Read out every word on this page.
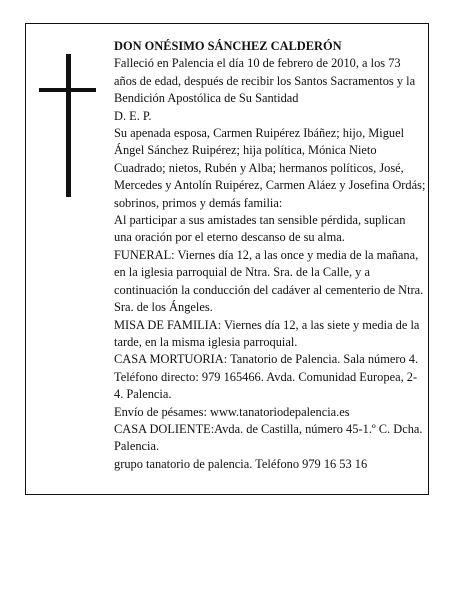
DON ONÉSIMO SÁNCHEZ CALDERÓN

Falleció en Palencia el día 10 de febrero de 2010, a los 73 años de edad, después de recibir los Santos Sacramentos y la Bendición Apostólica de Su Santidad

D. E. P.

Su apenada esposa, Carmen Ruipérez Ibáñez; hijo, Miguel Ángel Sánchez Ruipérez; hija política, Mónica Nieto Cuadrado; nietos, Rubén y Alba; hermanos políticos, José, Mercedes y Antolín Ruipérez, Carmen Aláez y Josefina Ordás; sobrinos, primos y demás familia:

Al participar a sus amistades tan sensible pérdida, suplican una oración por el eterno descanso de su alma.

FUNERAL: Viernes día 12, a las once y media de la mañana, en la iglesia parroquial de Ntra. Sra. de la Calle, y a continuación la conducción del cadáver al cementerio de Ntra. Sra. de los Ángeles.

MISA DE FAMILIA: Viernes día 12, a las siete y media de la tarde, en la misma iglesia parroquial.

CASA MORTUORIA: Tanatorio de Palencia. Sala número 4. Teléfono directo: 979 165466. Avda. Comunidad Europea, 2-4. Palencia.

Envío de pésames: www.tanatoriodepalencia.es

CASA DOLIENTE:Avda. de Castilla, número 45-1.º C. Dcha. Palencia.

grupo tanatorio de palencia. Teléfono 979 16 53 16
